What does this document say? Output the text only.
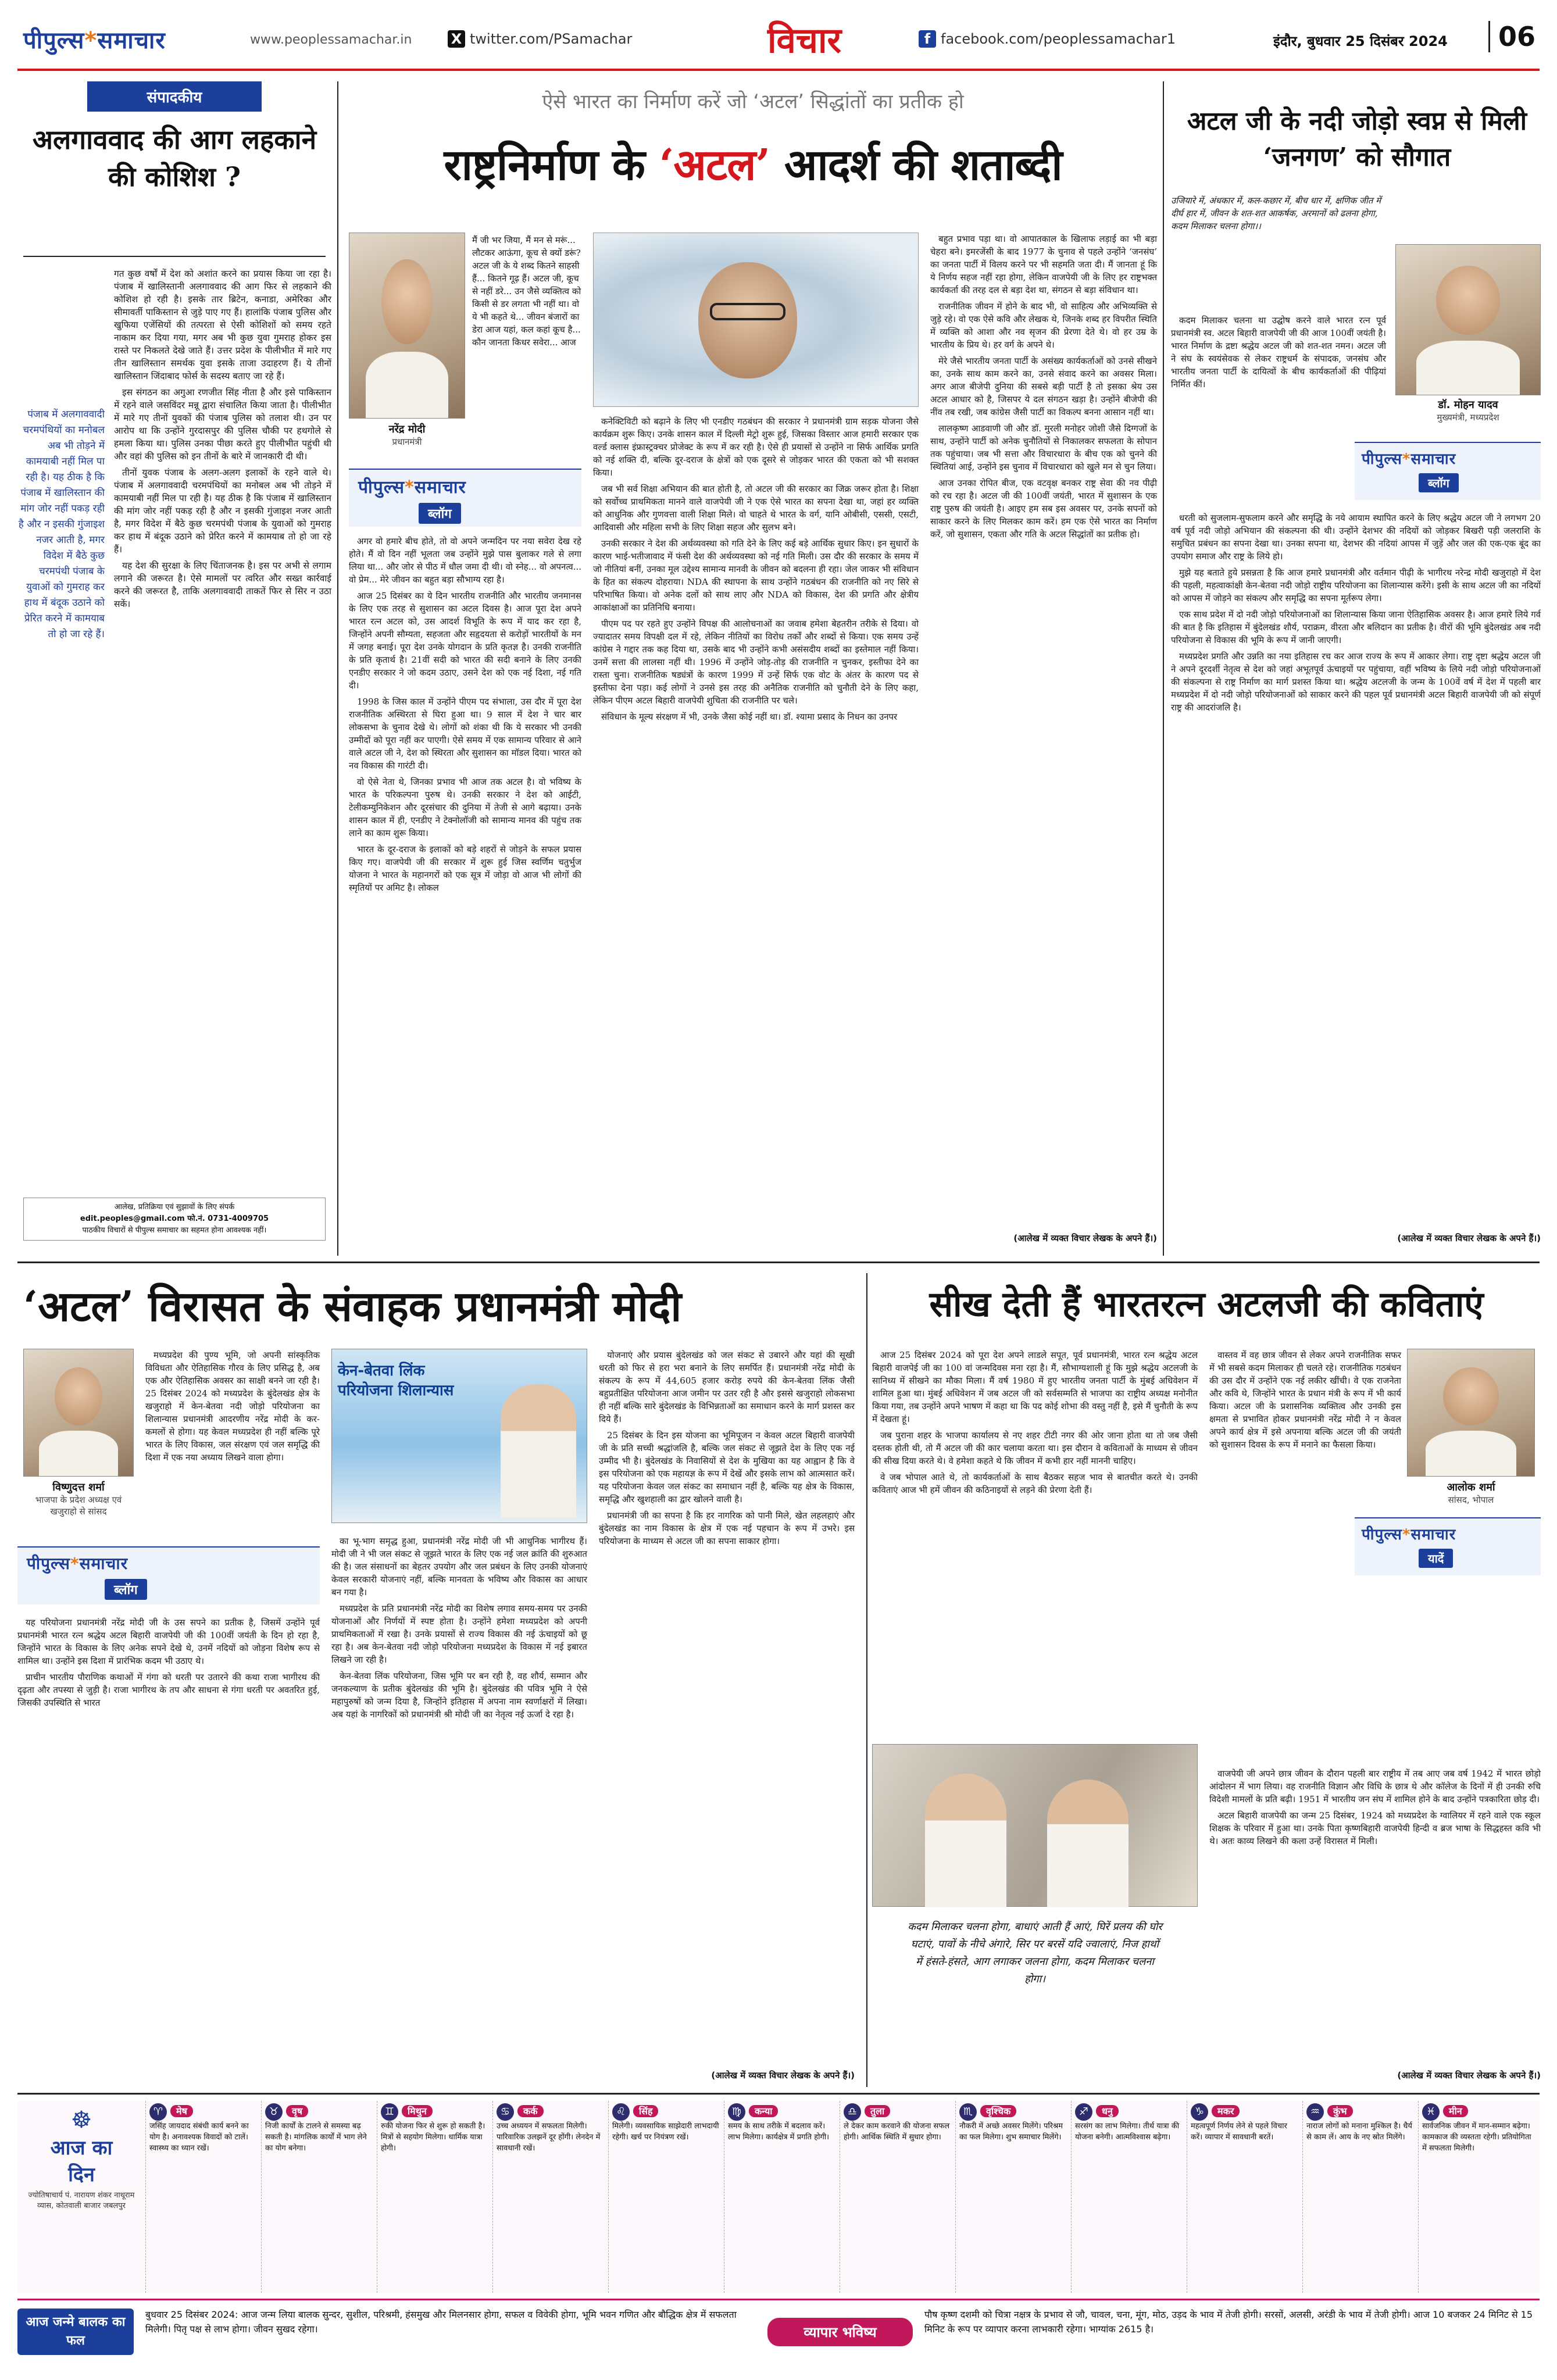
पीपुल्स*समाचार	www.peoplessamachar.in	X twitter.com/PSamachar	विचार	f facebook.com/peoplessamachar1	इंदौर, बुधवार 25 दिसंबर 2024	06
संपादकीय
अलगाववाद की आग लहकाने की कोशिश ?
पंजाब में अलगाववादी चरमपंथियों का मनोबल अब भी तोड़ने में कामयाबी नहीं मिल पा रही है। यह ठीक है कि पंजाब में खालिस्तान की मांग जोर नहीं पकड़ रही है और न इसकी गुंजाइश नजर आती है, मगर विदेश में बैठे कुछ चरमपंथी पंजाब के युवाओं को गुमराह कर हाथ में बंदूक उठाने को प्रेरित करने में कामयाब तो हो जा रहे हैं।

गत कुछ वर्षों में देश को अशांत करने का प्रयास किया जा रहा है। पंजाब में खालिस्तानी अलगाववाद की आग फिर से लहकाने की कोशिश हो रही है। इसके तार ब्रिटेन, कनाडा, अमेरिका और सीमावर्ती पाकिस्तान से जुड़े पाए गए हैं। हालांकि पंजाब पुलिस और खुफिया एजेंसियों की तत्परता से ऐसी कोशिशों को समय रहते नाकाम कर दिया गया, मगर अब भी कुछ युवा गुमराह होकर इस रास्ते पर निकलते देखे जाते हैं। उत्तर प्रदेश के पीलीभीत में मारे गए तीन खालिस्तान समर्थक युवा इसके ताजा उदाहरण हैं। ये तीनों खालिस्तान जिंदाबाद फोर्स के सदस्य बताए जा रहे हैं।

इस संगठन का अगुआ रणजीत सिंह नीता है और इसे पाकिस्तान में रहने वाले जसविंदर मन्नू द्वारा संचालित किया जाता है। पीलीभीत में मारे गए तीनों युवकों की पंजाब पुलिस को तलाश थी। उन पर आरोप था कि उन्होंने गुरदासपुर की पुलिस चौकी पर हथगोले से हमला किया था। पुलिस उनका पीछा करते हुए पीलीभीत पहुंची थी और वहां की पुलिस को इन तीनों के बारे में जानकारी दी थी।

तीनों युवक पंजाब के अलग-अलग इलाकों के रहने वाले थे। पंजाब में अलगाववादी चरमपंथियों का मनोबल अब भी तोड़ने में कामयाबी नहीं मिल पा रही है। यह ठीक है कि पंजाब में खालिस्तान की मांग जोर नहीं पकड़ रही है और न इसकी गुंजाइश नजर आती है, मगर विदेश में बैठे कुछ चरमपंथी पंजाब के युवाओं को गुमराह कर हाथ में बंदूक उठाने को प्रेरित करने में कामयाब तो हो जा रहे हैं।

यह देश की सुरक्षा के लिए चिंताजनक है। इस पर अभी से लगाम लगाने की जरूरत है। ऐसे मामलों पर त्वरित और सख्त कार्रवाई करने की जरूरत है, ताकि अलगाववादी ताकतें फिर से सिर न उठा सकें।

आलेख, प्रतिक्रिया एवं सुझावों के लिए संपर्क
edit.peoples@gmail.com फो.नं. 0731-4009705
पाठकीय विचारों से पीपुल्स समाचार का सहमत होना आवश्यक नहीं।
ऐसे भारत का निर्माण करें जो ‘अटल’ सिद्धांतों का प्रतीक हो
राष्ट्रनिर्माण के ‘अटल’ आदर्श की शताब्दी
नरेंद्र मोदी
प्रधानमंत्री
मैं जी भर जिया, मैं मन से मरूं... लौटकर आऊंगा, कूच से क्यों डरूं? अटल जी के ये शब्द कितने साहसी हैं... कितने गूढ़ हैं। अटल जी, कूच से नहीं डरे... उन जैसे व्यक्तित्व को किसी से डर लगता भी नहीं था। वो ये भी कहते थे... जीवन बंजारों का डेरा आज यहां, कल कहां कूच है... कौन जानता किधर सवेरा... आज
पीपुल्स*समाचार
ब्लॉग

अगर वो हमारे बीच होते, तो वो अपने जन्मदिन पर नया सवेरा देख रहे होते। मैं वो दिन नहीं भूलता जब उन्होंने मुझे पास बुलाकर गले से लगा लिया था... और जोर से पीठ में धौल जमा दी थी। वो स्नेह... वो अपनत्व... वो प्रेम... मेरे जीवन का बहुत बड़ा सौभाग्य रहा है।

आज 25 दिसंबर का ये दिन भारतीय राजनीति और भारतीय जनमानस के लिए एक तरह से सुशासन का अटल दिवस है। आज पूरा देश अपने भारत रत्न अटल को, उस आदर्श विभूति के रूप में याद कर रहा है, जिन्होंने अपनी सौम्यता, सहजता और सहृदयता से करोड़ों भारतीयों के मन में जगह बनाई। पूरा देश उनके योगदान के प्रति कृतज्ञ है। उनकी राजनीति के प्रति कृतार्थ है। 21वीं सदी को भारत की सदी बनाने के लिए उनकी एनडीए सरकार ने जो कदम उठाए, उसने देश को एक नई दिशा, नई गति दी।

1998 के जिस काल में उन्होंने पीएम पद संभाला, उस दौर में पूरा देश राजनीतिक अस्थिरता से घिरा हुआ था। 9 साल में देश ने चार बार लोकसभा के चुनाव देखे थे। लोगों को शंका थी कि ये सरकार भी उनकी उम्मीदों को पूरा नहीं कर पाएगी। ऐसे समय में एक सामान्य परिवार से आने वाले अटल जी ने, देश को स्थिरता और सुशासन का मॉडल दिया। भारत को नव विकास की गारंटी दी।

वो ऐसे नेता थे, जिनका प्रभाव भी आज तक अटल है। वो भविष्य के भारत के परिकल्पना पुरुष थे। उनकी सरकार ने देश को आईटी, टेलीकम्युनिकेशन और दूरसंचार की दुनिया में तेजी से आगे बढ़ाया। उनके शासन काल में ही, एनडीए ने टेक्नोलॉजी को सामान्य मानव की पहुंच तक लाने का काम शुरू किया।

भारत के दूर-दराज के इलाकों को बड़े शहरों से जोड़ने के सफल प्रयास किए गए। वाजपेयी जी की सरकार में शुरू हुई जिस स्वर्णिम चतुर्भुज योजना ने भारत के महानगरों को एक सूत्र में जोड़ा वो आज भी लोगों की स्मृतियों पर अमिट है। लोकल

कनेक्टिविटी को बढ़ाने के लिए भी एनडीए गठबंधन की सरकार ने प्रधानमंत्री ग्राम सड़क योजना जैसे कार्यक्रम शुरू किए। उनके शासन काल में दिल्ली मेट्रो शुरू हुई, जिसका विस्तार आज हमारी सरकार एक वर्ल्ड क्लास इंफ्रास्ट्रक्चर प्रोजेक्ट के रूप में कर रही है। ऐसे ही प्रयासों से उन्होंने ना सिर्फ आर्थिक प्रगति को नई शक्ति दी, बल्कि दूर-दराज के क्षेत्रों को एक दूसरे से जोड़कर भारत की एकता को भी सशक्त किया।

जब भी सर्व शिक्षा अभियान की बात होती है, तो अटल जी की सरकार का जिक्र जरूर होता है। शिक्षा को सर्वोच्च प्राथमिकता मानने वाले वाजपेयी जी ने एक ऐसे भारत का सपना देखा था, जहां हर व्यक्ति को आधुनिक और गुणवत्ता वाली शिक्षा मिले। वो चाहते थे भारत के वर्ग, यानि ओबीसी, एससी, एसटी, आदिवासी और महिला सभी के लिए शिक्षा सहज और सुलभ बने।

उनकी सरकार ने देश की अर्थव्यवस्था को गति देने के लिए कई बड़े आर्थिक सुधार किए। इन सुधारों के कारण भाई-भतीजावाद में फंसी देश की अर्थव्यवस्था को नई गति मिली। उस दौर की सरकार के समय में जो नीतियां बनीं, उनका मूल उद्देश्य सामान्य मानवी के जीवन को बदलना ही रहा। जेल जाकर भी संविधान के हित का संकल्प दोहराया। NDA की स्थापना के साथ उन्होंने गठबंधन की राजनीति को नए सिरे से परिभाषित किया। वो अनेक दलों को साथ लाए और NDA को विकास, देश की प्रगति और क्षेत्रीय आकांक्षाओं का प्रतिनिधि बनाया।

पीएम पद पर रहते हुए उन्होंने विपक्ष की आलोचनाओं का जवाब हमेशा बेहतरीन तरीके से दिया। वो ज्यादातर समय विपक्षी दल में रहे, लेकिन नीतियों का विरोध तर्कों और शब्दों से किया। एक समय उन्हें कांग्रेस ने गद्दार तक कह दिया था, उसके बाद भी उन्होंने कभी असंसदीय शब्दों का इस्तेमाल नहीं किया। उनमें सत्ता की लालसा नहीं थी। 1996 में उन्होंने जोड़-तोड़ की राजनीति न चुनकर, इस्तीफा देने का रास्ता चुना। राजनीतिक षड्यंत्रों के कारण 1999 में उन्हें सिर्फ एक वोट के अंतर के कारण पद से इस्तीफा देना पड़ा। कई लोगों ने उनसे इस तरह की अनैतिक राजनीति को चुनौती देने के लिए कहा, लेकिन पीएम अटल बिहारी वाजपेयी शुचिता की राजनीति पर चले।

संविधान के मूल्य संरक्षण में भी, उनके जैसा कोई नहीं था। डॉ. श्यामा प्रसाद के निधन का उनपर

बहुत प्रभाव पड़ा था। वो आपातकाल के खिलाफ लड़ाई का भी बड़ा चेहरा बने। इमरजेंसी के बाद 1977 के चुनाव से पहले उन्होंने ‘जनसंघ’ का जनता पार्टी में विलय करने पर भी सहमति जता दी। मैं जानता हूं कि ये निर्णय सहज नहीं रहा होगा, लेकिन वाजपेयी जी के लिए हर राष्ट्रभक्त कार्यकर्ता की तरह दल से बड़ा देश था, संगठन से बड़ा संविधान था।

राजनीतिक जीवन में होने के बाद भी, वो साहित्य और अभिव्यक्ति से जुड़े रहे। वो एक ऐसे कवि और लेखक थे, जिनके शब्द हर विपरीत स्थिति में व्यक्ति को आशा और नव सृजन की प्रेरणा देते थे। वो हर उम्र के भारतीय के प्रिय थे। हर वर्ग के अपने थे।

मेरे जैसे भारतीय जनता पार्टी के असंख्य कार्यकर्ताओं को उनसे सीखने का, उनके साथ काम करने का, उनसे संवाद करने का अवसर मिला। अगर आज बीजेपी दुनिया की सबसे बड़ी पार्टी है तो इसका श्रेय उस अटल आधार को है, जिसपर ये दल संगठन खड़ा है। उन्होंने बीजेपी की नींव तब रखी, जब कांग्रेस जैसी पार्टी का विकल्प बनना आसान नहीं था।

लालकृष्ण आडवाणी जी और डॉ. मुरली मनोहर जोशी जैसे दिग्गजों के साथ, उन्होंने पार्टी को अनेक चुनौतियों से निकालकर सफलता के सोपान तक पहुंचाया। जब भी सत्ता और विचारधारा के बीच एक को चुनने की स्थितियां आई, उन्होंने इस चुनाव में विचारधारा को खुले मन से चुन लिया।

आज उनका रोपित बीज, एक वटवृक्ष बनकर राष्ट्र सेवा की नव पीढ़ी को रच रहा है। अटल जी की 100वीं जयंती, भारत में सुशासन के एक राष्ट्र पुरुष की जयंती है। आइए हम सब इस अवसर पर, उनके सपनों को साकार करने के लिए मिलकर काम करें। हम एक ऐसे भारत का निर्माण करें, जो सुशासन, एकता और गति के अटल सिद्धांतों का प्रतीक हो।

(आलेख में व्यक्त विचार लेखक के अपने हैं।)
अटल जी के नदी जोड़ो स्वप्न से मिली ‘जनगण’ को सौगात
उजियारे में, अंधकार में, कल-कछार में, बीच धार में, क्षणिक जीत में दीर्घ हार में, जीवन के शत-शत आकर्षक, अरमानों को ढलना होगा, कदम मिलाकर चलना होगा।।
डॉ. मोहन यादव
मुख्यमंत्री, मध्यप्रदेश

कदम मिलाकर चलना था उद्घोष करने वाले भारत रत्न पूर्व प्रधानमंत्री स्व. अटल बिहारी वाजपेयी जी की आज 100वीं जयंती है। भारत निर्माण के द्रष्टा श्रद्धेय अटल जी को शत-शत नमन। अटल जी ने संघ के स्वयंसेवक से लेकर राष्ट्रधर्म के संपादक, जनसंघ और भारतीय जनता पार्टी के दायित्वों के बीच कार्यकर्ताओं की पीढ़ियां निर्मित कीं।

पीपुल्स*समाचार
ब्लॉग

धरती को सुजलाम-सुफलाम करने और समृद्धि के नये आयाम स्थापित करने के लिए श्रद्धेय अटल जी ने लगभग 20 वर्ष पूर्व नदी जोड़ो अभियान की संकल्पना की थी। उन्होंने देशभर की नदियों को जोड़कर बिखरी पड़ी जलराशि के समुचित प्रबंधन का सपना देखा था। उनका सपना था, देशभर की नदियां आपस में जुड़ें और जल की एक-एक बूंद का उपयोग समाज और राष्ट्र के लिये हो।

मुझे यह बताते हुये प्रसन्नता है कि आज हमारे प्रधानमंत्री और वर्तमान पीढ़ी के भागीरथ नरेन्द्र मोदी खजुराहो में देश की पहली, महत्वाकांक्षी केन-बेतवा नदी जोड़ो राष्ट्रीय परियोजना का शिलान्यास करेंगे। इसी के साथ अटल जी का नदियों को आपस में जोड़ने का संकल्प और समृद्धि का सपना मूर्तरूप लेगा।

एक साथ प्रदेश में दो नदी जोड़ो परियोजनाओं का शिलान्यास किया जाना ऐतिहासिक अवसर है। आज हमारे लिये गर्व की बात है कि इतिहास में बुंदेलखंड शौर्य, पराक्रम, वीरता और बलिदान का प्रतीक है। वीरों की भूमि बुंदेलखंड अब नदी परियोजना से विकास की भूमि के रूप में जानी जाएगी।

मध्यप्रदेश प्रगति और उन्नति का नया इतिहास रच कर आज राज्य के रूप में आकार लेगा। राष्ट्र दृष्टा श्रद्धेय अटल जी ने अपने दूरदर्शी नेतृत्व से देश को जहां अभूतपूर्व ऊंचाइयों पर पहुंचाया, वहीं भविष्य के लिये नदी जोड़ो परियोजनाओं की संकल्पना से राष्ट्र निर्माण का मार्ग प्रशस्त किया था। श्रद्धेय अटलजी के जन्म के 100वें वर्ष में देश में पहली बार मध्यप्रदेश में दो नदी जोड़ो परियोजनाओं को साकार करने की पहल पूर्व प्रधानमंत्री अटल बिहारी वाजपेयी जी को संपूर्ण राष्ट्र की आदरांजलि है।

(आलेख में व्यक्त विचार लेखक के अपने हैं।)
‘अटल’ विरासत के संवाहक प्रधानमंत्री मोदी
विष्णुदत्त शर्मा
भाजपा के प्रदेश अध्यक्ष एवं खजुराहो से सांसद
पीपुल्स*समाचार
ब्लॉग

मध्यप्रदेश की पुण्य भूमि, जो अपनी सांस्कृतिक विविधता और ऐतिहासिक गौरव के लिए प्रसिद्ध है, अब एक और ऐतिहासिक अवसर का साक्षी बनने जा रही है। 25 दिसंबर 2024 को मध्यप्रदेश के बुंदेलखंड क्षेत्र के खजुराहो में केन-बेतवा नदी जोड़ो परियोजना का शिलान्यास प्रधानमंत्री आदरणीय नरेंद्र मोदी के कर-कमलों से होगा। यह केवल मध्यप्रदेश ही नहीं बल्कि पूरे भारत के लिए विकास, जल संरक्षण एवं जल समृद्धि की दिशा में एक नया अध्याय लिखने वाला होगा।

यह परियोजना प्रधानमंत्री नरेंद्र मोदी जी के उस सपने का प्रतीक है, जिसमें उन्होंने पूर्व प्रधानमंत्री भारत रत्न श्रद्धेय अटल बिहारी वाजपेयी जी की 100वीं जयंती के दिन हो रहा है, जिन्होंने भारत के विकास के लिए अनेक सपने देखे थे, उनमें नदियों को जोड़ना विशेष रूप से शामिल था। उन्होंने इस दिशा में प्रारंभिक कदम भी उठाए थे।

प्राचीन भारतीय पौराणिक कथाओं में गंगा को धरती पर उतारने की कथा राजा भागीरथ की दृढ़ता और तपस्या से जुड़ी है। राजा भागीरथ के तप और साधना से गंगा धरती पर अवतरित हुई, जिसकी उपस्थिति से भारत

केन-बेतवा लिंक परियोजना शिलान्यास

का भू-भाग समृद्ध हुआ, प्रधानमंत्री नरेंद्र मोदी जी भी आधुनिक भागीरथ हैं। मोदी जी ने भी जल संकट से जूझते भारत के लिए एक नई जल क्रांति की शुरुआत की है। जल संसाधनों का बेहतर उपयोग और जल प्रबंधन के लिए उनकी योजनाएं केवल सरकारी योजनाएं नहीं, बल्कि मानवता के भविष्य और विकास का आधार बन गया है।

मध्यप्रदेश के प्रति प्रधानमंत्री नरेंद्र मोदी का विशेष लगाव समय-समय पर उनकी योजनाओं और निर्णयों में स्पष्ट होता है। उन्होंने हमेशा मध्यप्रदेश को अपनी प्राथमिकताओं में रखा है। उनके प्रयासों से राज्य विकास की नई ऊंचाइयों को छू रहा है। अब केन-बेतवा नदी जोड़ो परियोजना मध्यप्रदेश के विकास में नई इबारत लिखने जा रही है।

केन-बेतवा लिंक परियोजना, जिस भूमि पर बन रही है, वह शौर्य, सम्मान और जनकल्याण के प्रतीक बुंदेलखंड की भूमि है। बुंदेलखंड की पवित्र भूमि ने ऐसे महापुरुषों को जन्म दिया है, जिन्होंने इतिहास में अपना नाम स्वर्णाक्षरों में लिखा। अब यहां के नागरिकों को प्रधानमंत्री श्री मोदी जी का नेतृत्व नई ऊर्जा दे रहा है।

योजनाएं और प्रयास बुंदेलखंड को जल संकट से उबारने और यहां की सूखी धरती को फिर से हरा भरा बनाने के लिए समर्पित हैं। प्रधानमंत्री नरेंद्र मोदी के संकल्प के रूप में 44,605 हजार करोड़ रुपये की केन-बेतवा लिंक जैसी बहुप्रतीक्षित परियोजना आज जमीन पर उतर रही है और इससे खजुराहो लोकसभा ही नहीं बल्कि सारे बुंदेलखंड के विभिन्नताओं का समाधान करने के मार्ग प्रशस्त कर दिये हैं।

25 दिसंबर के दिन इस योजना का भूमिपूजन न केवल अटल बिहारी वाजपेयी जी के प्रति सच्ची श्रद्धांजलि है, बल्कि जल संकट से जूझते देश के लिए एक नई उम्मीद भी है। बुंदेलखंड के निवासियों से देश के मुखिया का यह आह्वान है कि वे इस परियोजना को एक महायज्ञ के रूप में देखें और इसके लाभ को आत्मसात करें। यह परियोजना केवल जल संकट का समाधान नहीं है, बल्कि यह क्षेत्र के विकास, समृद्धि और खुशहाली का द्वार खोलने वाली है।

प्रधानमंत्री जी का सपना है कि हर नागरिक को पानी मिले, खेत लहलहाएं और बुंदेलखंड का नाम विकास के क्षेत्र में एक नई पहचान के रूप में उभरे। इस परियोजना के माध्यम से अटल जी का सपना साकार होगा।

(आलेख में व्यक्त विचार लेखक के अपने हैं।)
सीख देती हैं भारतरत्न अटलजी की कविताएं

आज 25 दिसंबर 2024 को पूरा देश अपने लाडले सपूत, पूर्व प्रधानमंत्री, भारत रत्न श्रद्धेय अटल बिहारी वाजपेई जी का 100 वां जन्मदिवस मना रहा है। मैं, सौभाग्यशाली हूं कि मुझे श्रद्धेय अटलजी के सानिध्य में सीखने का मौका मिला। मैं वर्ष 1980 में हुए भारतीय जनता पार्टी के मुंबई अधिवेशन में शामिल हुआ था। मुंबई अधिवेशन में जब अटल जी को सर्वसम्मति से भाजपा का राष्ट्रीय अध्यक्ष मनोनीत किया गया, तब उन्होंने अपने भाषण में कहा था कि पद कोई शोभा की वस्तु नहीं है, इसे मैं चुनौती के रूप में देखता हूं।

जब पुराना शहर के भाजपा कार्यालय से नए शहर टीटी नगर की ओर जाना होता था तो जब जैसी दस्तक होती थी, तो मैं अटल जी की कार चलाया करता था। इस दौरान वे कविताओं के माध्यम से जीवन की सीख दिया करते थे। वे हमेशा कहते थे कि जीवन में कभी हार नहीं माननी चाहिए।

वे जब भोपाल आते थे, तो कार्यकर्ताओं के साथ बैठकर सहज भाव से बातचीत करते थे। उनकी कविताएं आज भी हमें जीवन की कठिनाइयों से लड़ने की प्रेरणा देती हैं।

कदम मिलाकर चलना होगा, बाधाएं आती हैं आएं, घिरें प्रलय की घोर घटाएं, पावों के नीचे अंगारे, सिर पर बरसें यदि ज्वालाएं, निज हाथों में हंसते-हंसते, आग लगाकर जलना होगा, कदम मिलाकर चलना होगा।
आलोक शर्मा
सांसद, भोपाल
पीपुल्स*समाचार
यादें

वास्तव में वह छात्र जीवन से लेकर अपने राजनीतिक सफर में भी सबसे कदम मिलाकर ही चलते रहे। राजनीतिक गठबंधन की उस दौर में उन्होंने एक नई लकीर खींची। वे एक राजनेता और कवि थे, जिन्होंने भारत के प्रधान मंत्री के रूप में भी कार्य किया। अटल जी के प्रशासनिक व्यक्तित्व और उनकी इस क्षमता से प्रभावित होकर प्रधानमंत्री नरेंद्र मोदी ने न केवल अपने कार्य क्षेत्र में इसे अपनाया बल्कि अटल जी की जयंती को सुशासन दिवस के रूप में मनाने का फैसला किया।

वाजपेयी जी अपने छात्र जीवन के दौरान पहली बार राष्ट्रीय में तब आए जब वर्ष 1942 में भारत छोड़ो आंदोलन में भाग लिया। वह राजनीति विज्ञान और विधि के छात्र थे और कॉलेज के दिनों में ही उनकी रुचि विदेशी मामलों के प्रति बढ़ी। 1951 में भारतीय जन संघ में शामिल होने के बाद उन्होंने पत्रकारिता छोड़ दी।

अटल बिहारी वाजपेयी का जन्म 25 दिसंबर, 1924 को मध्यप्रदेश के ग्वालियर में रहने वाले एक स्कूल शिक्षक के परिवार में हुआ था। उनके पिता कृष्णबिहारी वाजपेयी हिन्दी व ब्रज भाषा के सिद्धहस्त कवि भी थे। अतः काव्य लिखने की कला उन्हें विरासत में मिली।

(आलेख में व्यक्त विचार लेखक के अपने हैं।)
☸
आज का
दिन
ज्योतिषाचार्य पं. नारायण शंकर नाथूराम व्यास, कोतवाली बाजार जबलपुर
♈ मेष
जसिंह जायदाद संबंधी कार्य बनने का योग है। अनावश्यक विवादों को टालें। स्वास्थ्य का ध्यान रखें।
♉ वृष
निजी कार्यों के टालने से समस्या बढ़ सकती है। मांगलिक कार्यों में भाग लेने का योग बनेगा।
♊ मिथुन
रुकी योजना फिर से शुरू हो सकती है। मित्रों से सहयोग मिलेगा। धार्मिक यात्रा होगी।
♋ कर्क
उच्च अध्ययन में सफलता मिलेगी। पारिवारिक उलझनें दूर होंगी। लेनदेन में सावधानी रखें।
♌ सिंह
मिलेगी। व्यवसायिक साझेदारी लाभदायी रहेगी। खर्च पर नियंत्रण रखें।
♍ कन्या
समय के साथ तरीके में बदलाव करें। लाभ मिलेगा। कार्यक्षेत्र में प्रगति होगी।
♎ तुला
ले देकर काम करवाने की योजना सफल होगी। आर्थिक स्थिति में सुधार होगा।
♏ वृश्चिक
नौकरी में अच्छे अवसर मिलेंगे। परिश्रम का फल मिलेगा। शुभ समाचार मिलेंगे।
♐ धनु
सरसंग का लाभ मिलेगा। तीर्थ यात्रा की योजना बनेगी। आत्मविश्वास बढ़ेगा।
♑ मकर
महत्वपूर्ण निर्णय लेने से पहले विचार करें। व्यापार में सावधानी बरतें।
♒ कुंभ
नाराज लोगों को मनाना मुश्किल है। धैर्य से काम लें। आय के नए स्रोत मिलेंगे।
♓ मीन
सार्वजनिक जीवन में मान-सम्मान बढ़ेगा। कामकाज की व्यस्तता रहेगी। प्रतियोगिता में सफलता मिलेगी।
आज जन्मे बालक का फल
बुधवार 25 दिसंबर 2024: आज जन्म लिया बालक सुन्दर, सुशील, परिश्रमी, हंसमुख और मिलनसार होगा, सफल व विवेकी होगा, भूमि भवन गणित और बौद्धिक क्षेत्र में सफलता मिलेगी। पितृ पक्ष से लाभ होगा। जीवन सुखद रहेगा।	व्यापार भविष्य
पौष कृष्ण दशमी को चित्रा नक्षत्र के प्रभाव से जौ, चावल, चना, मूंग, मोठ, उड़द के भाव में तेजी होगी। सरसों, अलसी, अरंडी के भाव में तेजी होगी। आज 10 बजकर 24 मिनिट से 15 मिनिट के रूप पर व्यापार करना लाभकारी रहेगा। भाग्यांक 2615 है।
